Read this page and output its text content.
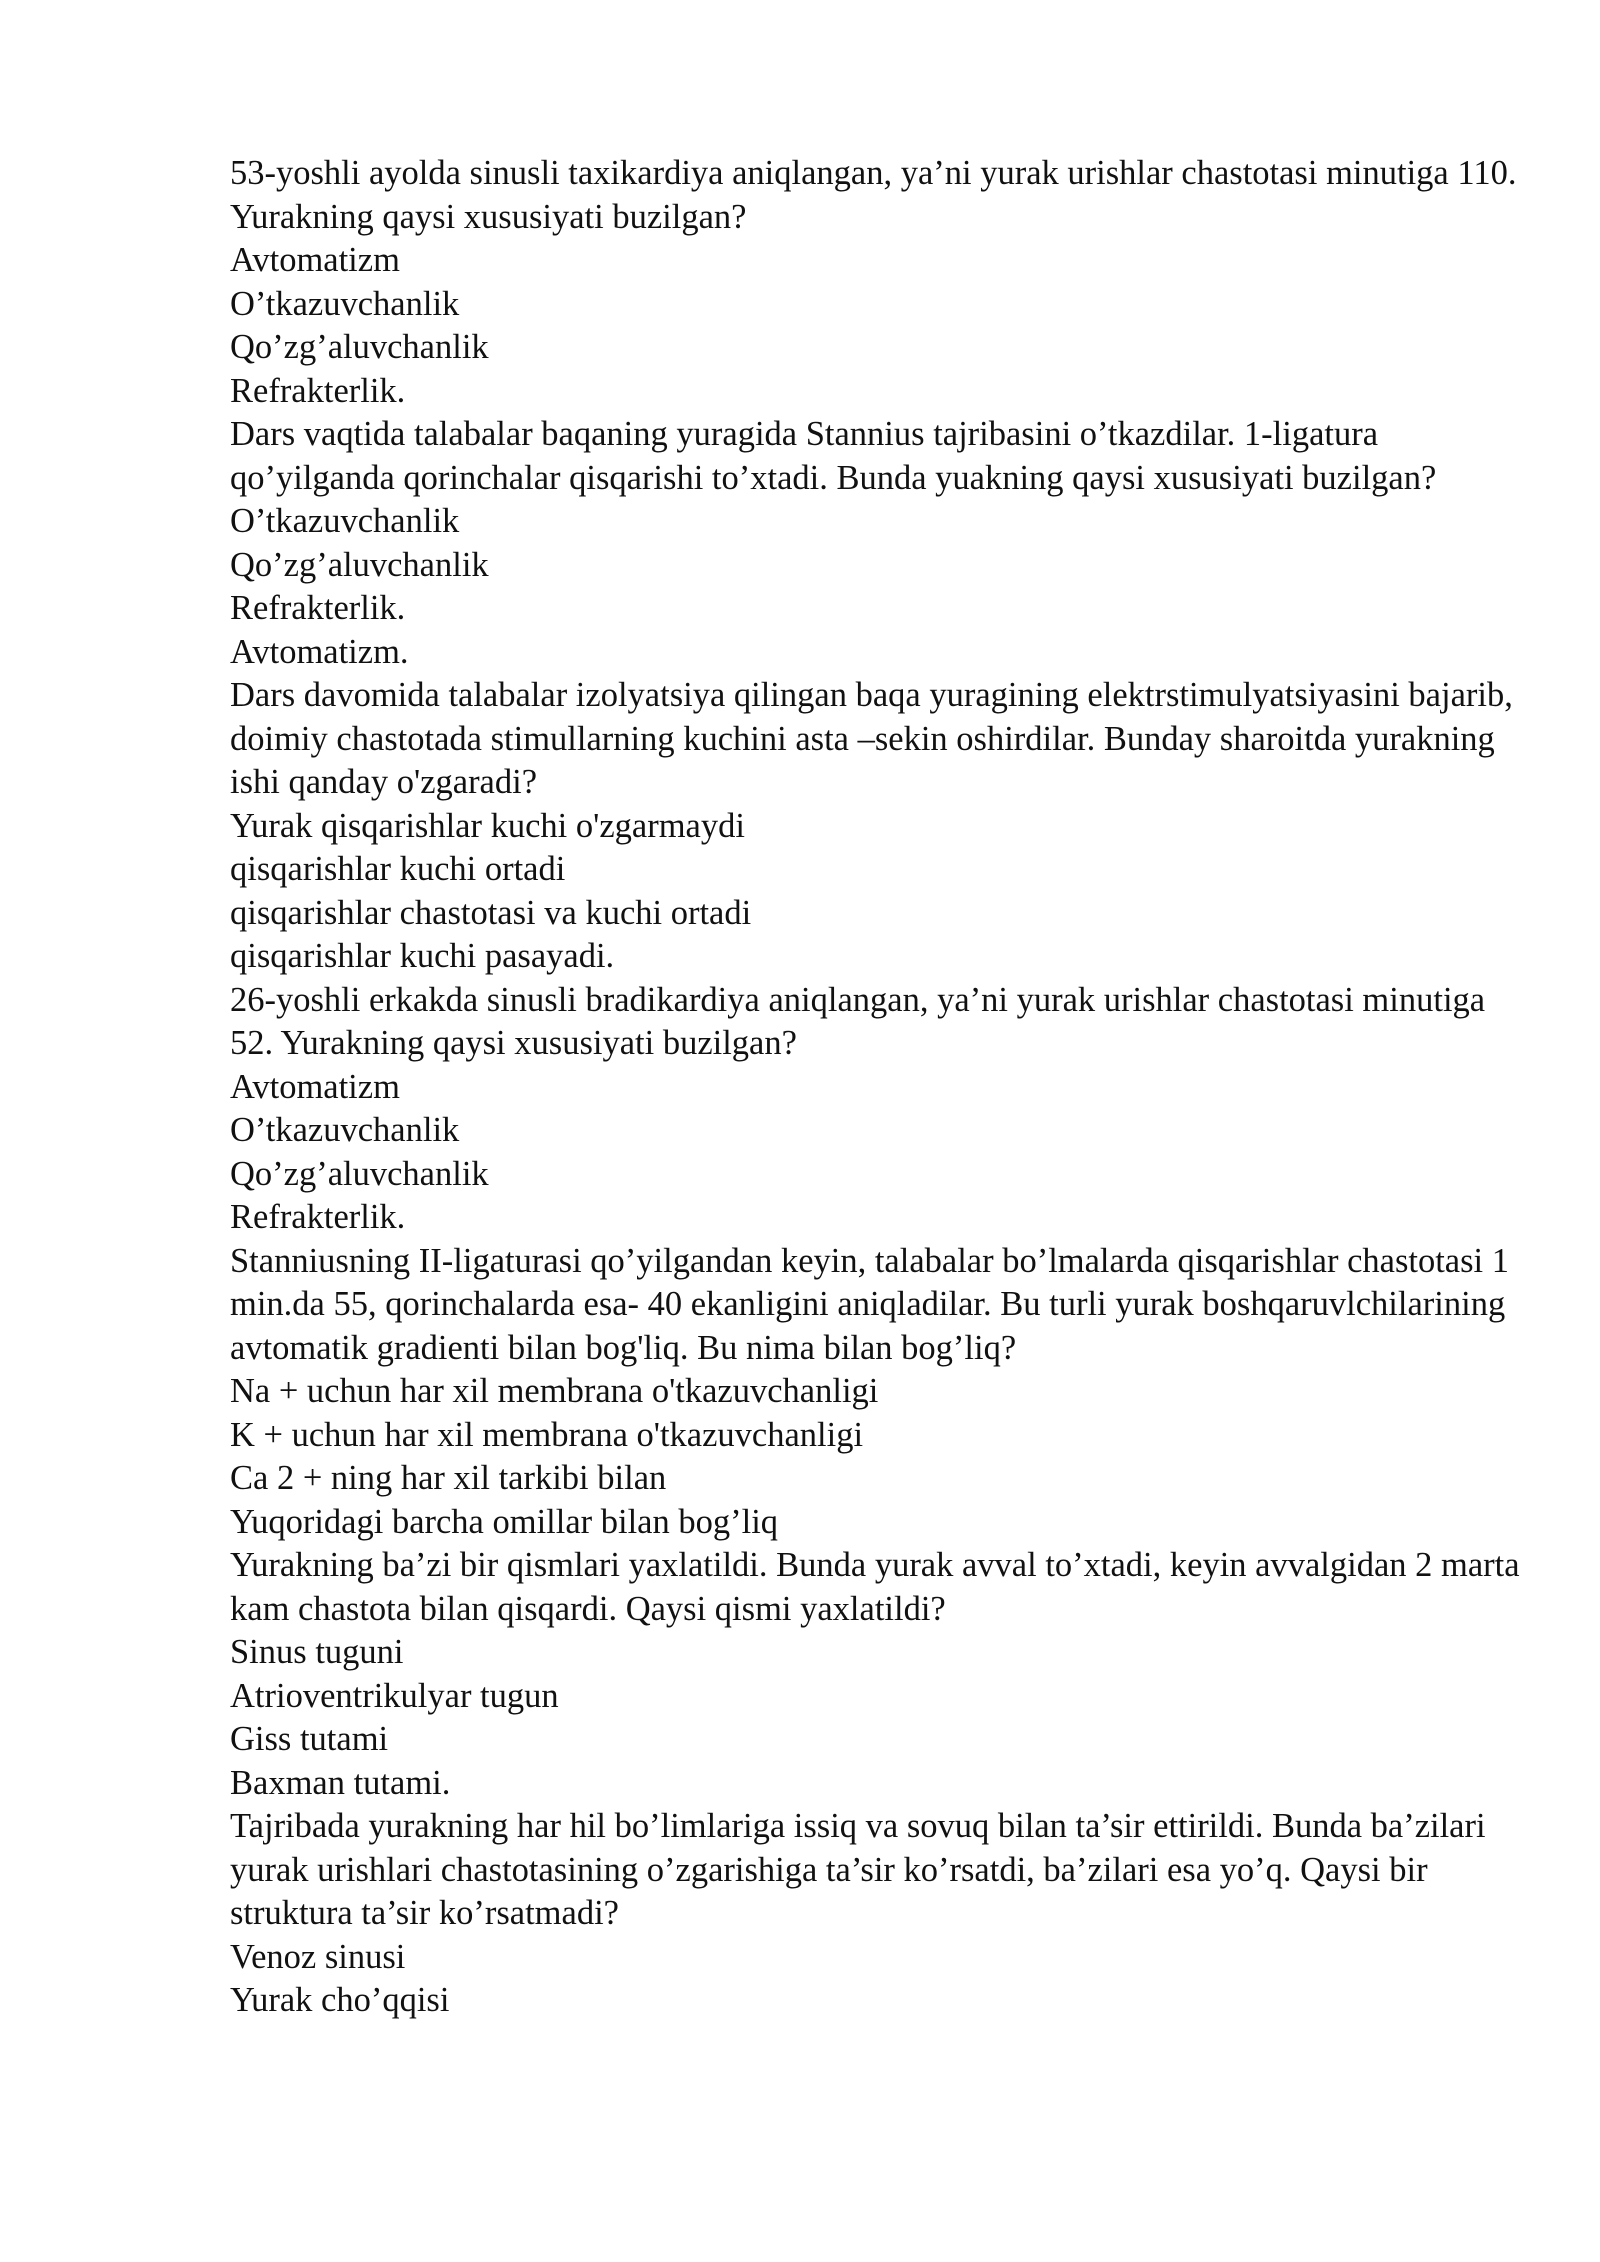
53-yoshli ayolda sinusli taxikardiya aniqlangan, ya’ni yurak urishlar chastotasi minutiga 110. Yurakning qaysi xususiyati buzilgan?

Avtomatizm

O’tkazuvchanlik

Qo’zg’aluvchanlik

Refrakterlik.

Dars vaqtida talabalar baqaning yuragida Stannius tajribasini o’tkazdilar. 1-ligatura qo’yilganda qorinchalar qisqarishi to’xtadi. Bunda yuakning qaysi xususiyati buzilgan?

O’tkazuvchanlik

Qo’zg’aluvchanlik

Refrakterlik.

Avtomatizm.

Dars davomida talabalar izolyatsiya qilingan baqa yuragining elektrstimulyatsiyasini bajarib, doimiy chastotada stimullarning kuchini asta –sekin oshirdilar. Bunday sharoitda yurakning ishi qanday o'zgaradi?

Yurak qisqarishlar kuchi o'zgarmaydi

qisqarishlar kuchi ortadi

qisqarishlar chastotasi va kuchi ortadi

qisqarishlar kuchi pasayadi.

26-yoshli erkakda sinusli bradikardiya aniqlangan, ya’ni yurak urishlar chastotasi minutiga 52. Yurakning qaysi xususiyati buzilgan?

Avtomatizm

O’tkazuvchanlik

Qo’zg’aluvchanlik

Refrakterlik.

Stanniusning II-ligaturasi qo’yilgandan keyin, talabalar bo’lmalarda qisqarishlar chastotasi 1 min.da 55, qorinchalarda esa- 40 ekanligini aniqladilar. Bu turli yurak boshqaruvlchilarining avtomatik gradienti bilan bog'liq. Bu nima bilan bog’liq?

Na + uchun har xil membrana o'tkazuvchanligi

K + uchun har xil membrana o'tkazuvchanligi

Ca 2 + ning har xil tarkibi bilan

Yuqoridagi barcha omillar bilan bog’liq

Yurakning ba’zi bir qismlari yaxlatildi. Bunda yurak avval to’xtadi, keyin avvalgidan 2 marta kam chastota bilan qisqardi. Qaysi qismi yaxlatildi?

Sinus tuguni

Atrioventrikulyar tugun

Giss tutami

Baxman tutami.

Tajribada yurakning har hil bo’limlariga issiq va sovuq bilan ta’sir ettirildi. Bunda ba’zilari yurak urishlari chastotasining o’zgarishiga ta’sir ko’rsatdi, ba’zilari esa yo’q. Qaysi bir struktura ta’sir ko’rsatmadi?

Venoz sinusi

Yurak cho’qqisi
